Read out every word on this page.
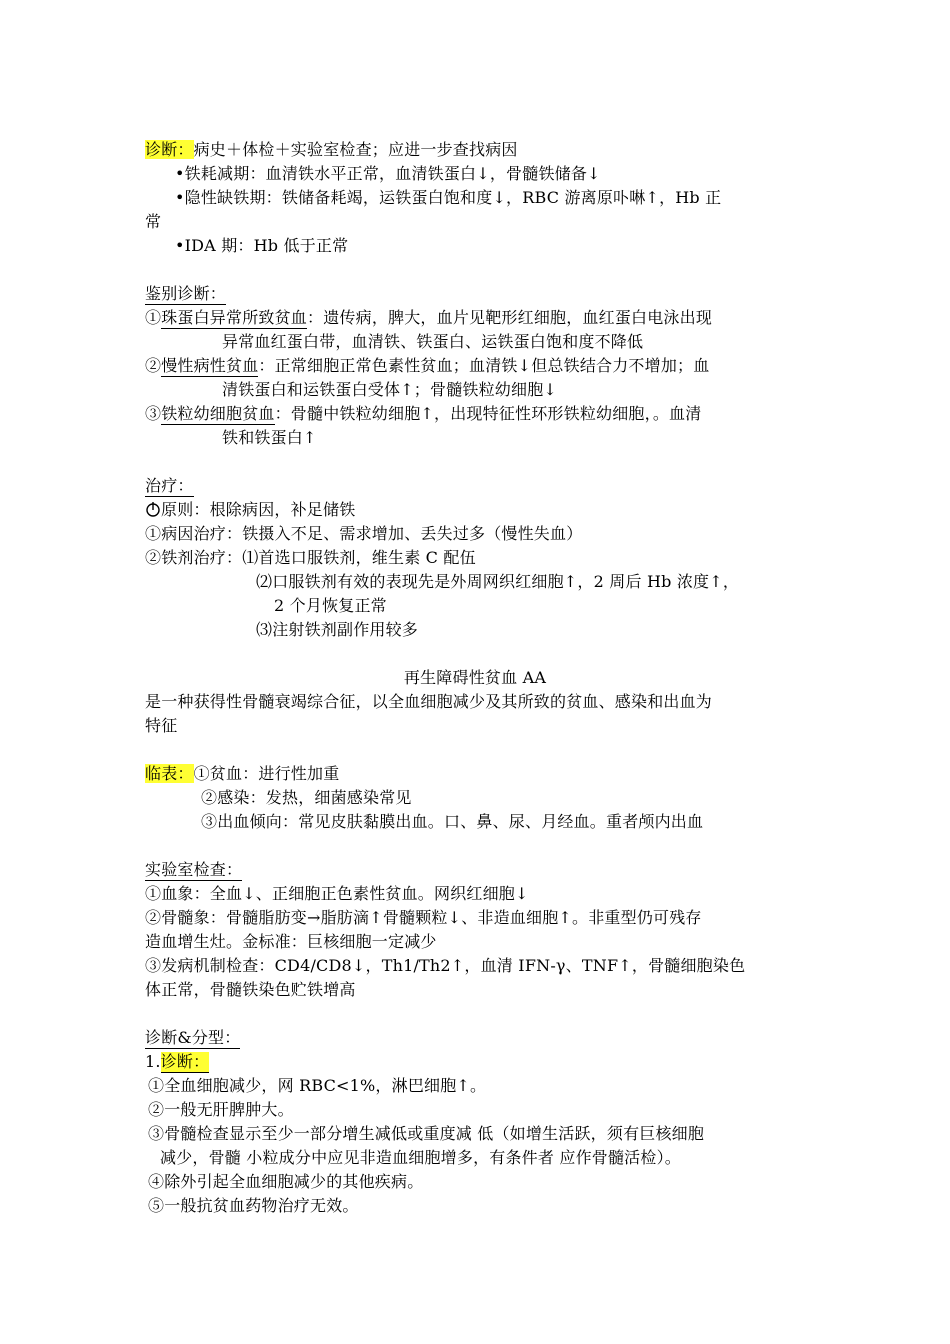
诊断：病史＋体检＋实验室检查；应进一步查找病因
•铁耗减期：血清铁水平正常，血清铁蛋白↓，骨髓铁储备↓
•隐性缺铁期：铁储备耗竭，运铁蛋白饱和度↓，RBC 游离原卟啉↑，Hb 正
常
•IDA 期：Hb 低于正常
鉴别诊断：
①珠蛋白异常所致贫血：遗传病，脾大，血片见靶形红细胞，血红蛋白电泳出现
异常血红蛋白带，血清铁、铁蛋白、运铁蛋白饱和度不降低
②慢性病性贫血：正常细胞正常色素性贫血；血清铁↓但总铁结合力不增加；血
清铁蛋白和运铁蛋白受体↑；骨髓铁粒幼细胞↓
③铁粒幼细胞贫血：骨髓中铁粒幼细胞↑，出现特征性环形铁粒幼细胞，。血清
铁和铁蛋白↑
治疗：
原则：根除病因，补足储铁
①病因治疗：铁摄入不足、需求增加、丢失过多（慢性失血）
②铁剂治疗：⑴首选口服铁剂，维生素 C 配伍
⑵口服铁剂有效的表现先是外周网织红细胞↑，2 周后 Hb 浓度↑，
2 个月恢复正常
⑶注射铁剂副作用较多
再生障碍性贫血 AA
是一种获得性骨髓衰竭综合征，以全血细胞减少及其所致的贫血、感染和出血为
特征
临表：①贫血：进行性加重
②感染：发热，细菌感染常见
③出血倾向：常见皮肤黏膜出血。口、鼻、尿、月经血。重者颅内出血
实验室检查：
①血象：全血↓、正细胞正色素性贫血。网织红细胞↓
②骨髓象：骨髓脂肪变→脂肪滴↑骨髓颗粒↓、非造血细胞↑。非重型仍可残存
造血增生灶。金标准：巨核细胞一定减少
③发病机制检查：CD4/CD8↓，Th1/Th2↑，血清 IFN-γ、TNF↑，骨髓细胞染色
体正常，骨髓铁染色贮铁增高
诊断&分型：
1.诊断：
①全血细胞减少，网 RBC<1%，淋巴细胞↑。
②一般无肝脾肿大。
③骨髓检查显示至少一部分增生减低或重度减 低（如增生活跃，须有巨核细胞
减少，骨髓 小粒成分中应见非造血细胞增多，有条件者 应作骨髓活检）。
④除外引起全血细胞减少的其他疾病。
⑤一般抗贫血药物治疗无效。
